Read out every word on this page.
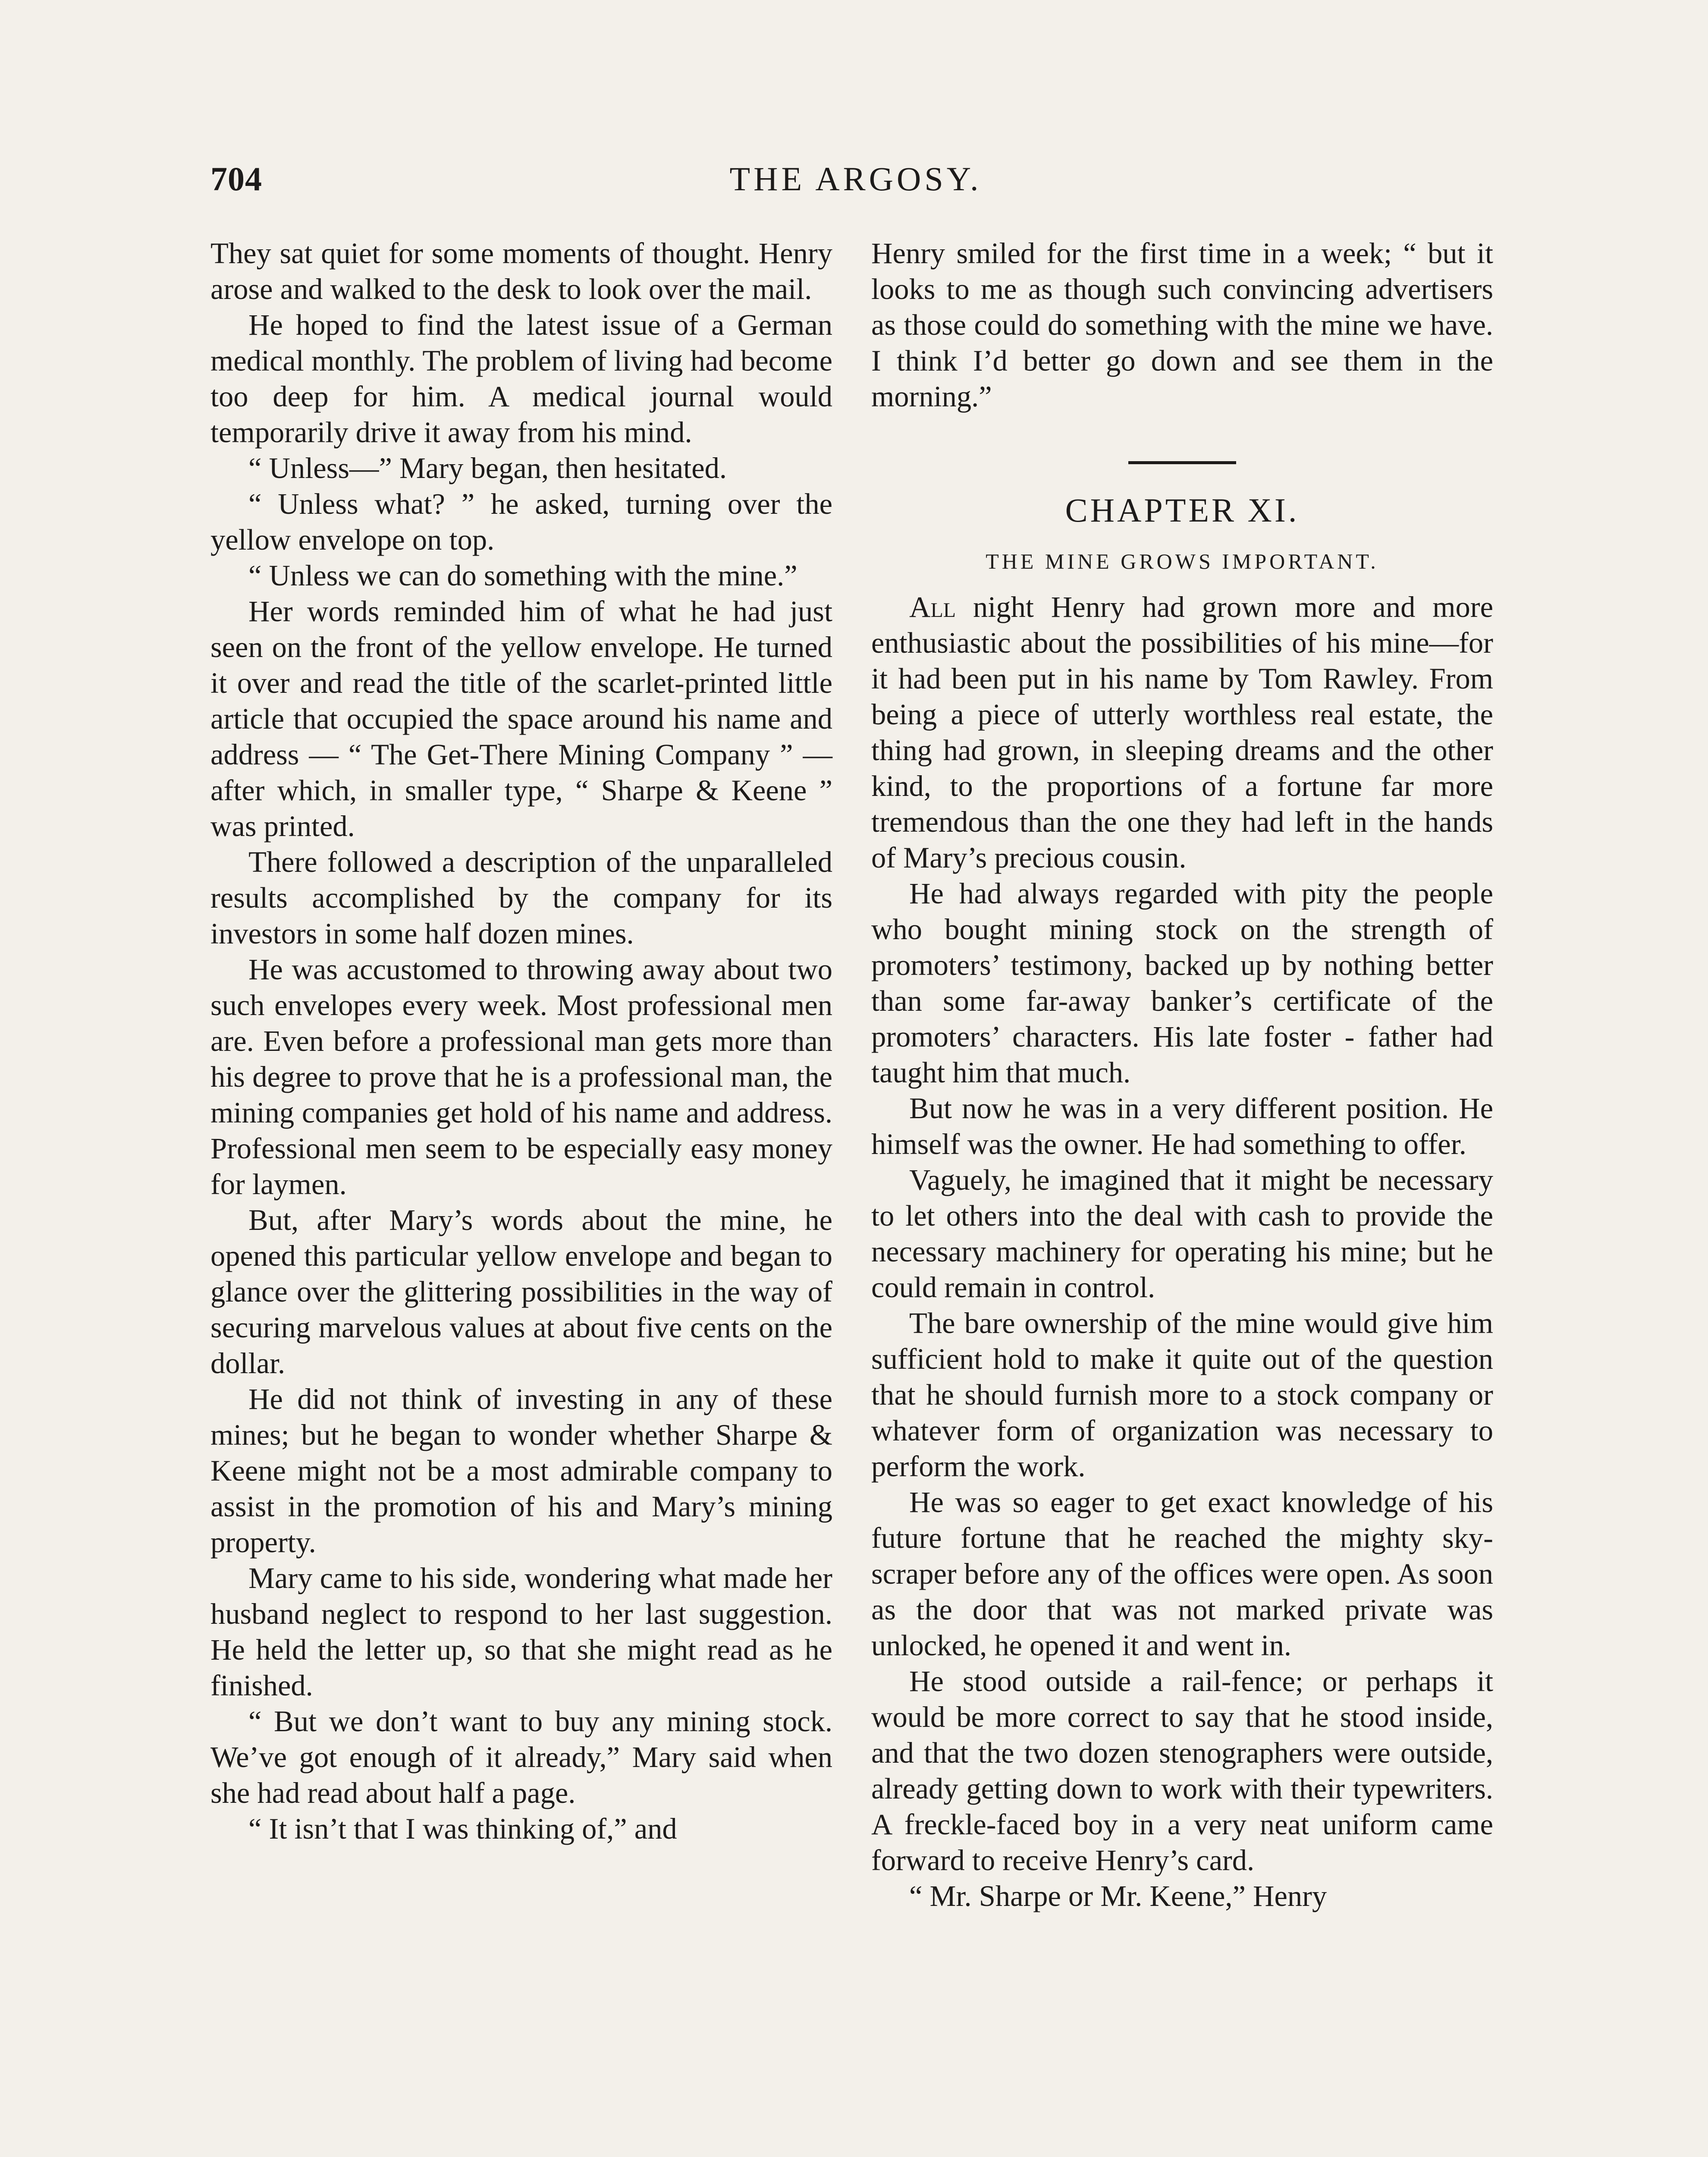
704	THE ARGOSY.

They sat quiet for some moments of thought. Henry arose and walked to the desk to look over the mail.

He hoped to find the latest issue of a German medical monthly. The problem of living had become too deep for him. A medical journal would temporarily drive it away from his mind.

“ Unless—” Mary began, then hesitated.

“ Unless what? ” he asked, turning over the yellow envelope on top.

“ Unless we can do something with the mine.”

Her words reminded him of what he had just seen on the front of the yellow envelope. He turned it over and read the title of the scarlet-printed little article that occupied the space around his name and address — “ The Get-There Mining Company ” — after which, in smaller type, “ Sharpe & Keene ” was printed.

There followed a description of the unparalleled results accomplished by the company for its investors in some half dozen mines.

He was accustomed to throwing away about two such envelopes every week. Most professional men are. Even before a professional man gets more than his degree to prove that he is a professional man, the mining companies get hold of his name and address. Professional men seem to be especially easy money for laymen.

But, after Mary’s words about the mine, he opened this particular yellow envelope and began to glance over the glittering possibilities in the way of securing marvelous values at about five cents on the dollar.

He did not think of investing in any of these mines; but he began to wonder whether Sharpe & Keene might not be a most admirable company to assist in the promotion of his and Mary’s mining property.

Mary came to his side, wondering what made her husband neglect to respond to her last suggestion. He held the letter up, so that she might read as he finished.

“ But we don’t want to buy any mining stock. We’ve got enough of it already,” Mary said when she had read about half a page.

“ It isn’t that I was thinking of,” and

Henry smiled for the first time in a week; “ but it looks to me as though such convincing advertisers as those could do something with the mine we have. I think I’d better go down and see them in the morning.”

CHAPTER XI.
THE MINE GROWS IMPORTANT.

All night Henry had grown more and more enthusiastic about the possibilities of his mine—for it had been put in his name by Tom Rawley. From being a piece of utterly worthless real estate, the thing had grown, in sleeping dreams and the other kind, to the proportions of a fortune far more tremendous than the one they had left in the hands of Mary’s precious cousin.

He had always regarded with pity the people who bought mining stock on the strength of promoters’ testimony, backed up by nothing better than some far-away banker’s certificate of the promoters’ characters. His late foster - father had taught him that much.

But now he was in a very different position. He himself was the owner. He had something to offer.

Vaguely, he imagined that it might be necessary to let others into the deal with cash to provide the necessary machinery for operating his mine; but he could remain in control.

The bare ownership of the mine would give him sufficient hold to make it quite out of the question that he should furnish more to a stock company or whatever form of organization was necessary to perform the work.

He was so eager to get exact knowledge of his future fortune that he reached the mighty sky-scraper before any of the offices were open. As soon as the door that was not marked private was unlocked, he opened it and went in.

He stood outside a rail-fence; or perhaps it would be more correct to say that he stood inside, and that the two dozen stenographers were outside, already getting down to work with their typewriters. A freckle-faced boy in a very neat uniform came forward to receive Henry’s card.

“ Mr. Sharpe or Mr. Keene,” Henry
